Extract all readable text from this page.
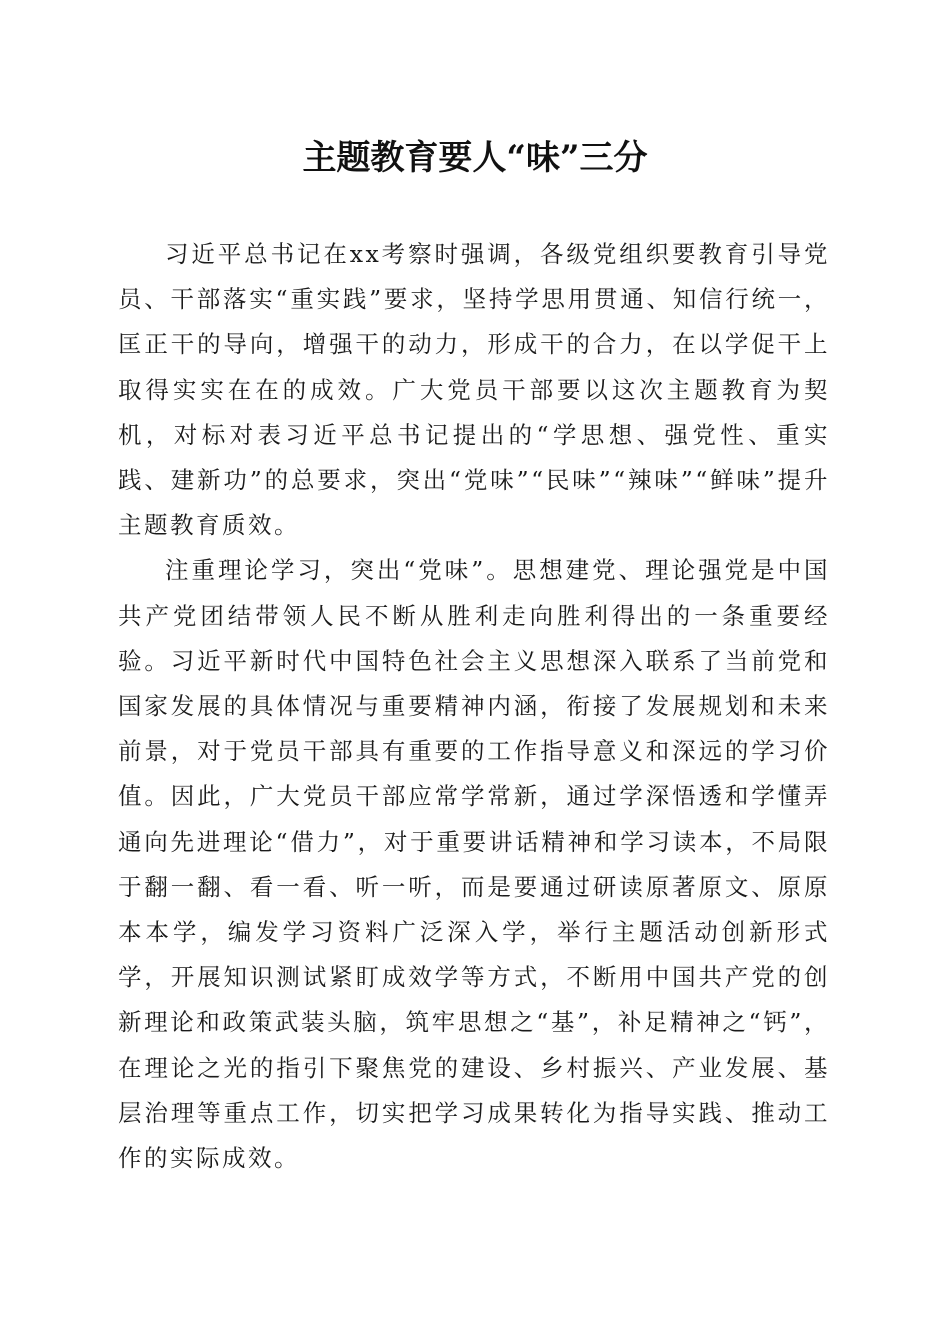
主题教育要人“味”三分

习近平总书记在xx考察时强调，各级党组织要教育引导党员、干部落实“重实践”要求，坚持学思用贯通、知信行统一，匡正干的导向，增强干的动力，形成干的合力，在以学促干上取得实实在在的成效。广大党员干部要以这次主题教育为契机，对标对表习近平总书记提出的“学思想、强党性、重实践、建新功”的总要求，突出“党味”“民味”“辣味”“鲜味”提升主题教育质效。

注重理论学习，突出“党味”。思想建党、理论强党是中国共产党团结带领人民不断从胜利走向胜利得出的一条重要经验。习近平新时代中国特色社会主义思想深入联系了当前党和国家发展的具体情况与重要精神内涵，衔接了发展规划和未来前景，对于党员干部具有重要的工作指导意义和深远的学习价值。因此，广大党员干部应常学常新，通过学深悟透和学懂弄通向先进理论“借力”，对于重要讲话精神和学习读本，不局限于翻一翻、看一看、听一听，而是要通过研读原著原文、原原本本学，编发学习资料广泛深入学，举行主题活动创新形式学，开展知识测试紧盯成效学等方式，不断用中国共产党的创新理论和政策武装头脑，筑牢思想之“基”，补足精神之“钙”，在理论之光的指引下聚焦党的建设、乡村振兴、产业发展、基层治理等重点工作，切实把学习成果转化为指导实践、推动工作的实际成效。
